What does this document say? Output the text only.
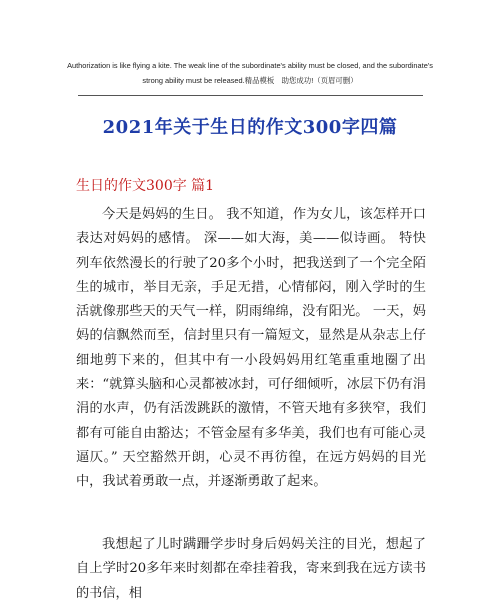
Authorization is like flying a kite. The weak line of the subordinate's ability must be closed, and the subordinate's
strong ability must be released.精品模板　助您成功!（页眉可删）
2021年关于生日的作文300字四篇
生日的作文300字 篇1
今天是妈妈的生日。 我不知道，作为女儿，该怎样开口表达对妈妈的感情。 深——如大海，美——似诗画。 特快列车依然漫长的行驶了20多个小时，把我送到了一个完全陌生的城市，举目无亲，手足无措，心情郁闷，刚入学时的生活就像那些天的天气一样，阴雨绵绵，没有阳光。 一天，妈妈的信飘然而至，信封里只有一篇短文，显然是从杂志上仔细地剪下来的，但其中有一小段妈妈用红笔重重地圈了出来：“就算头脑和心灵都被冰封，可仔细倾听，冰层下仍有涓涓的水声，仍有活泼跳跃的激情，不管天地有多狭窄，我们都有可能自由豁达；不管金屋有多华美，我们也有可能心灵逼仄。” 天空豁然开朗，心灵不再彷徨，在远方妈妈的目光中，我试着勇敢一点，并逐渐勇敢了起来。
我想起了儿时蹒跚学步时身后妈妈关注的目光，想起了自上学时20多年来时刻都在牵挂着我，寄来到我在远方读书的书信，相
